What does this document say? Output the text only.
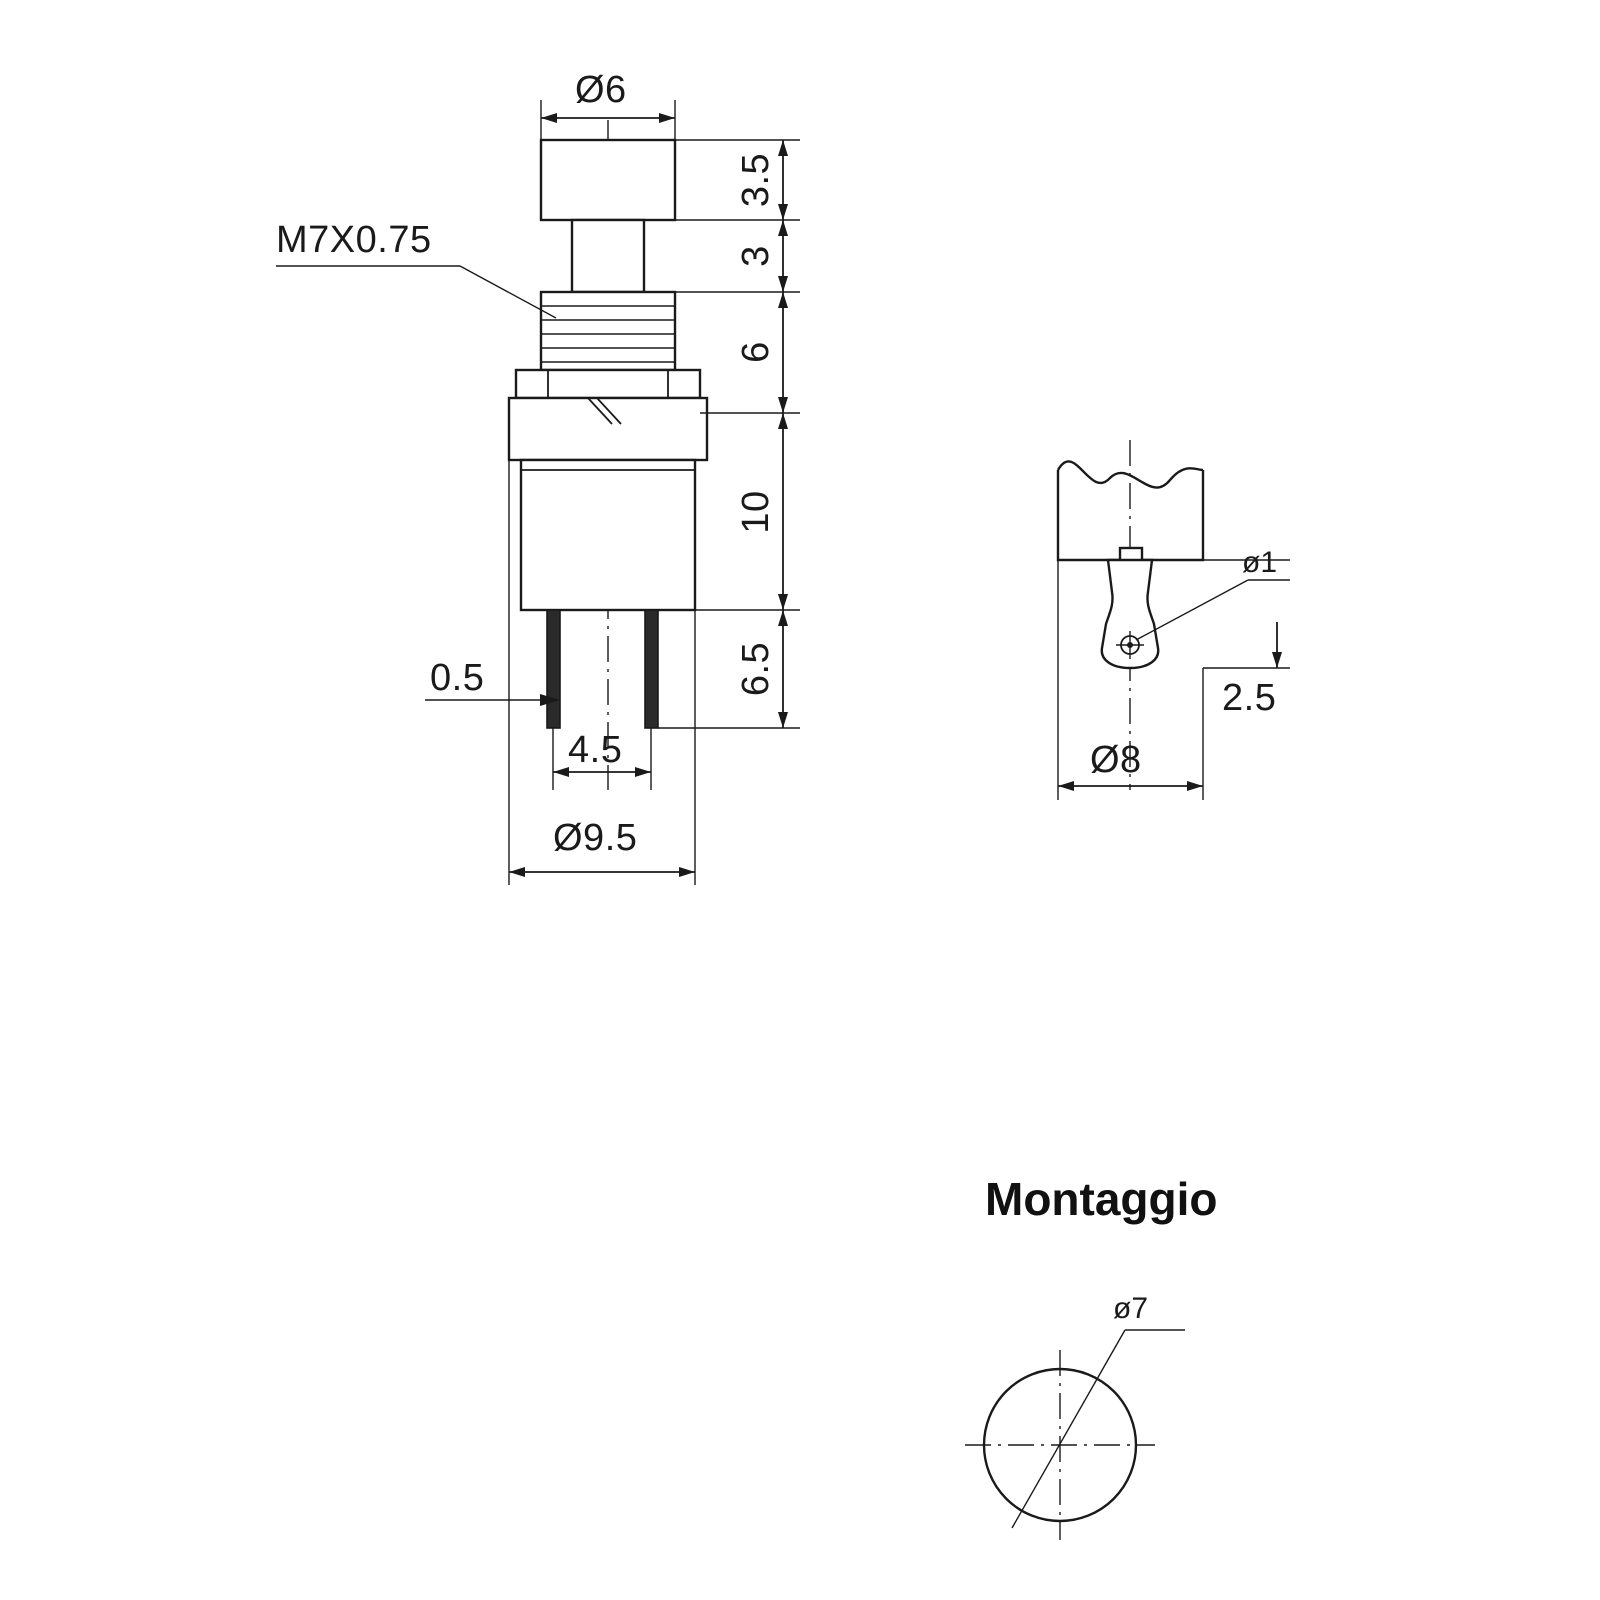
M7X0.75
Ø6
3.5
3
6
10
6.5
0.5
4.5
Ø9.5
ø1
2.5
Ø8
Montaggio
ø7
